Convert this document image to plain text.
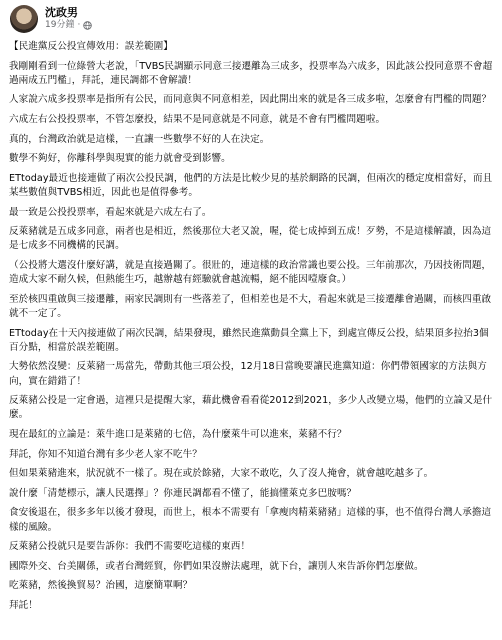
沈政男
19分鐘 ·

【民進黨反公投宣傳效用：誤差範圍】

我剛剛看到一位綠營大老說，「TVBS民調顯示同意三接遷離為三成多，投票率為六成多，因此該公投同意票不會超過兩成五門檻」，拜託，連民調都不會解讀！

人家說六成多投票率是指所有公民，而同意與不同意相差，因此開出來的就是各三成多啦，怎麼會有門檻的問題？

六成左右公投投票率，不管怎麼投，結果不是同意就是不同意，就是不會有門檻問題啦。

真的，台灣政治就是這樣，一直讓一些數學不好的人在決定。

數學不夠好，你離科學與現實的能力就會受到影響。

ETtoday最近也接連做了兩次公投民調，他們的方法是比較少見的基於網路的民調，但兩次的穩定度相當好，而且某些數值與TVBS相近，因此也是值得參考。

最一致是公投投票率，看起來就是六成左右了。

反萊豬就是五成多同意，兩者也是相近，然後那位大老又說，喔，從七成掉到五成！歹勢，不是這樣解讀，因為這是七成多不同機構的民調。

（公投將大選沒什麼好講，就是直接過關了。很壯的，連這樣的政治常識也要公投。三年前那次，乃因技術問題，造成大家不耐久候，但熱能生巧，越辦越有經驗就會越流暢，絕不能因噎廢食。）

至於核四重啟與三接遷離，兩家民調則有一些落差了，但相差也是不大，看起來就是三接遷離會過關，而核四重啟就不一定了。

ETtoday在十天內接連做了兩次民調，結果發現，雖然民進黨動員全黨上下，到處宣傳反公投，結果頂多拉抬3個百分點，相當於誤差範圍。

大勢依然沒變：反萊豬一馬當先，帶動其他三項公投，12月18日當晚要讓民進黨知道：你們帶領國家的方法與方向，實在錯錯了！

反萊豬公投是一定會過，這裡只是提醒大家，藉此機會看看從2012到2021，多少人改變立場，他們的立論又是什麼。

現在最紅的立論是：萊牛進口是萊豬的七倍，為什麼萊牛可以進來，萊豬不行？

拜託，你知不知道台灣有多少老人家不吃牛？

但如果萊豬進來，狀況就不一樣了。現在或於餘豬，大家不敢吃，久了沒人掩會，就會越吃越多了。

說什麼「清楚標示，讓人民選擇」？你連民調都看不懂了，能搞懂萊克多巴胺嗎？

食安後退在，很多多年以後才發現，而世上，根本不需要有「拿瘦肉精萊豬豬」這樣的事，也不值得台灣人承擔這樣的風險。

反萊豬公投就只是要告訴你：我們不需要吃這樣的東西！

國際外交、台美關係，或者台灣經貿，你們如果沒辦法處理，就下台，讓別人來告訴你們怎麼做。

吃萊豬，然後換貿易？治國，這麼簡單啊？

拜託！
